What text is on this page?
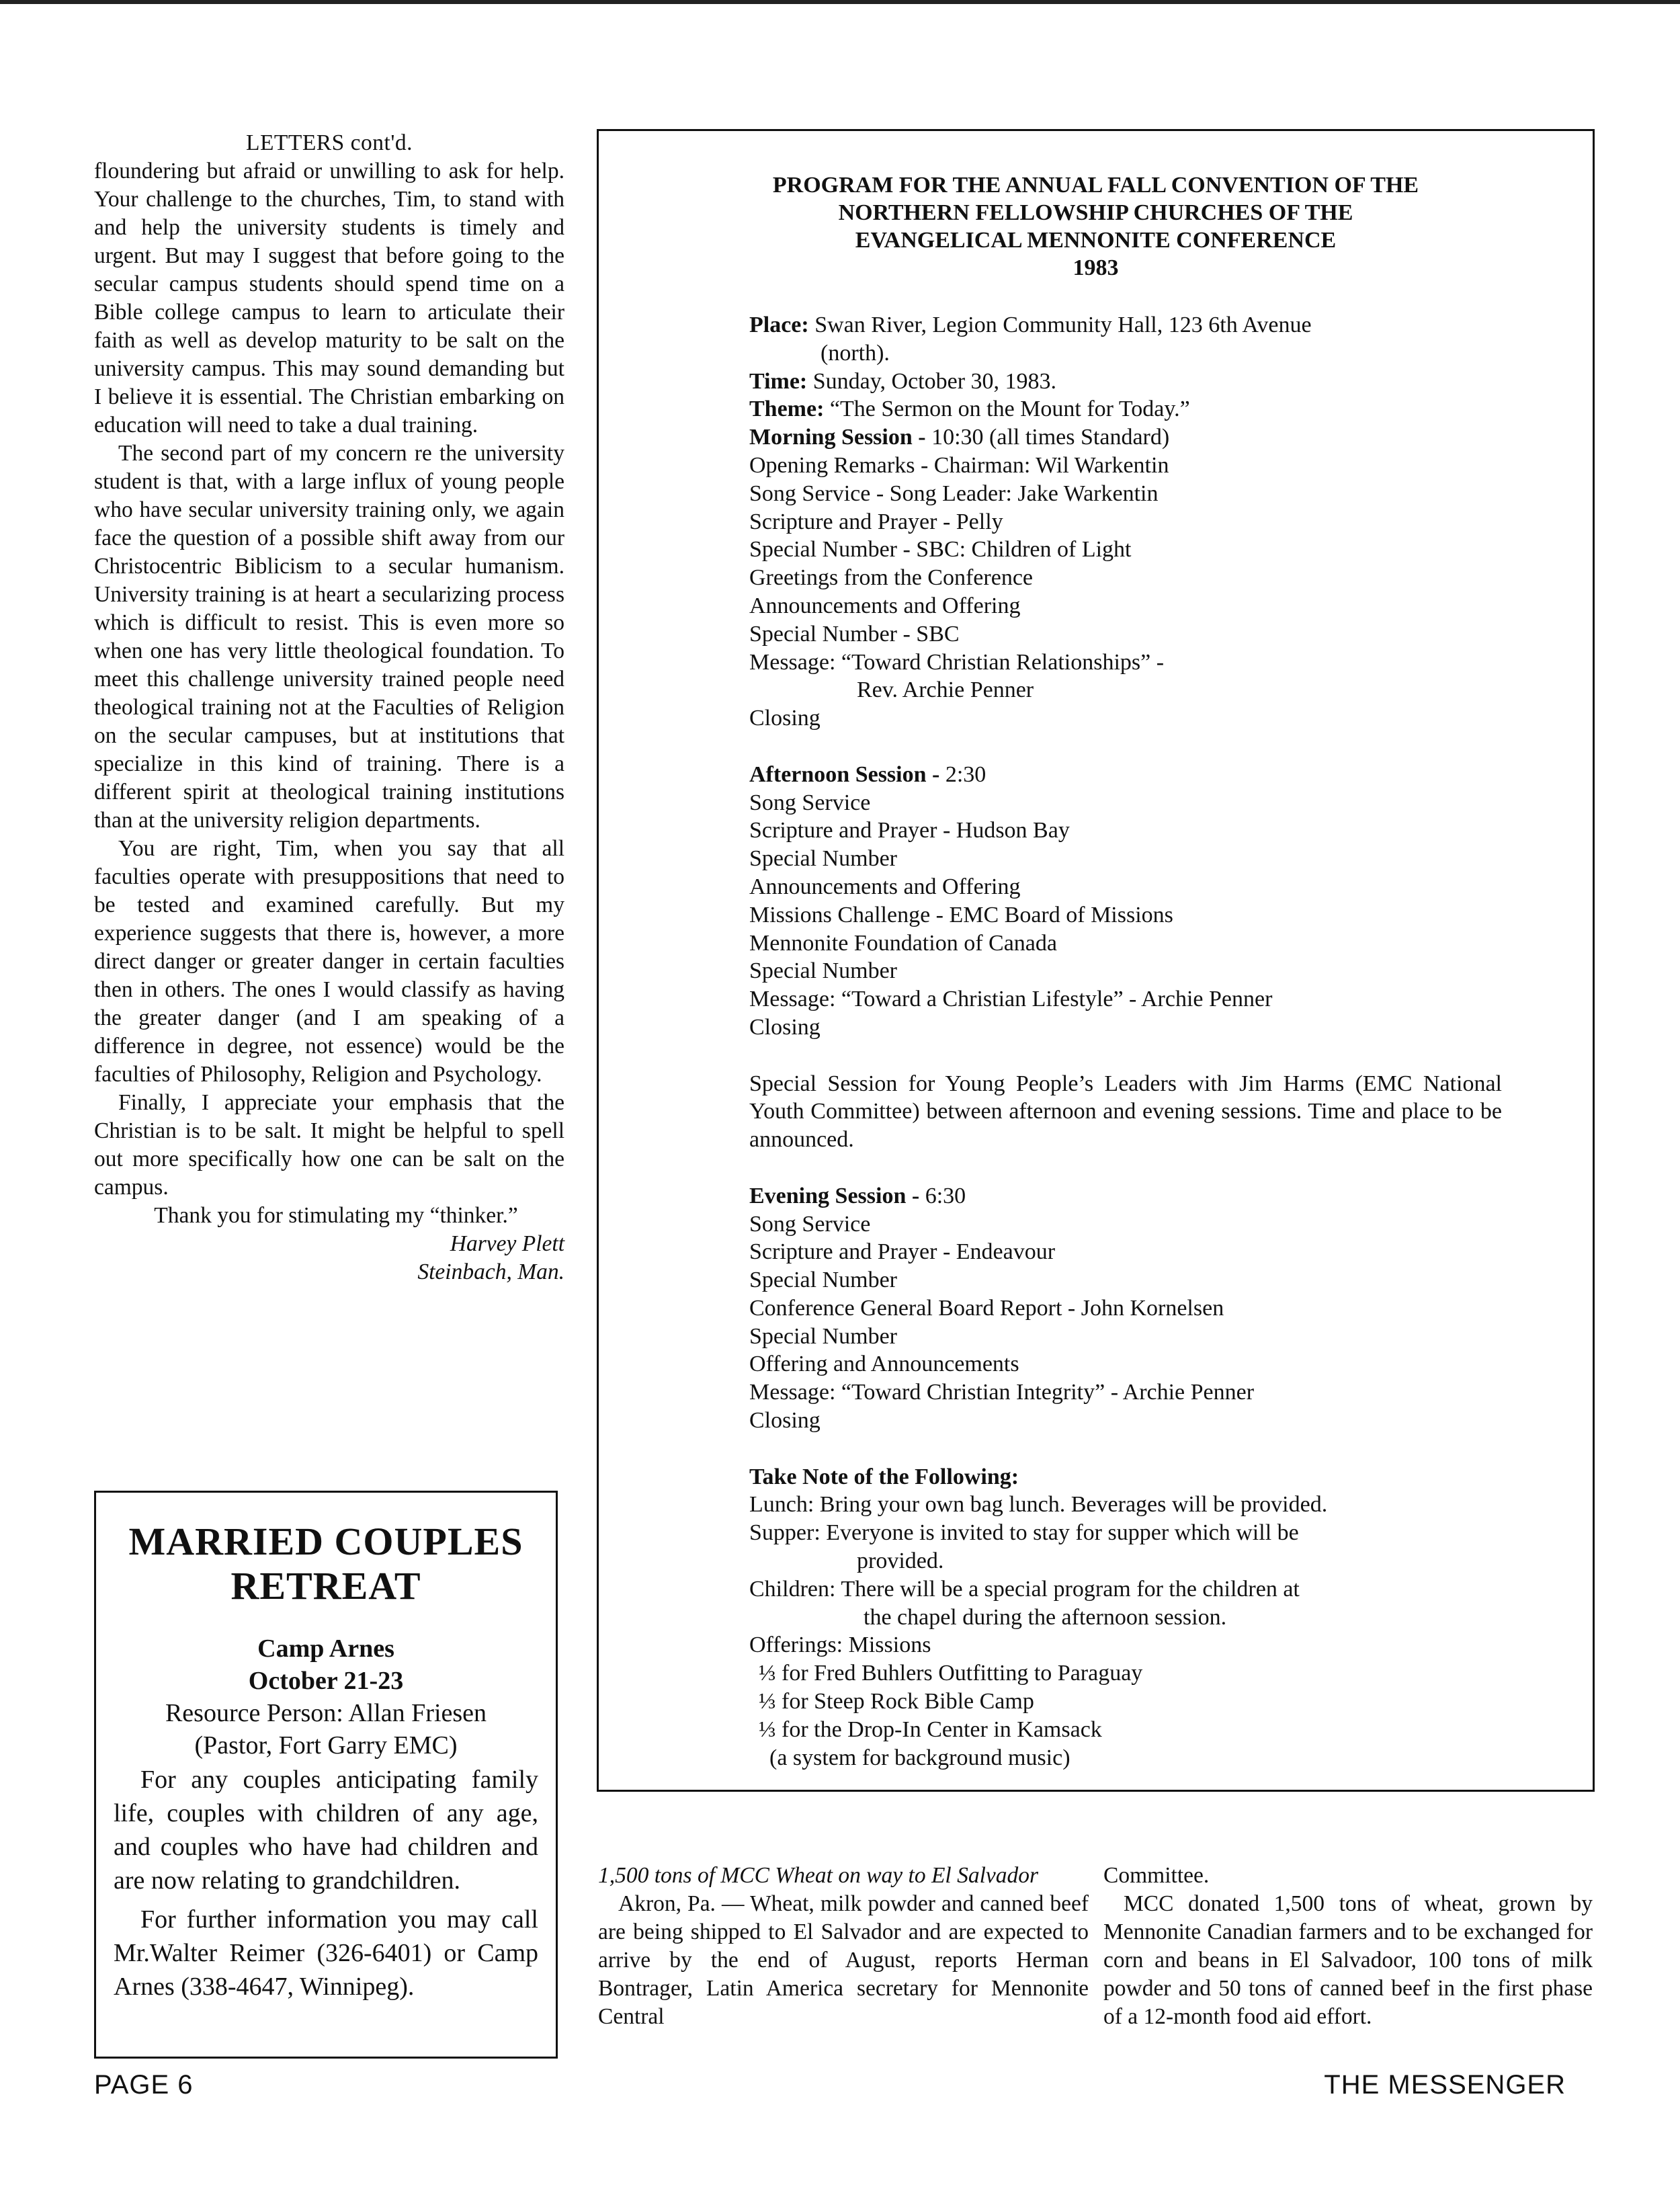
LETTERS cont'd.

floundering but afraid or unwilling to ask for help. Your challenge to the churches, Tim, to stand with and help the university students is timely and urgent. But may I suggest that before going to the secular campus students should spend time on a Bible college campus to learn to articulate their faith as well as develop maturity to be salt on the university campus. This may sound demanding but I believe it is essential. The Christian embarking on education will need to take a dual training.

The second part of my concern re the university student is that, with a large influx of young people who have secular university training only, we again face the question of a possible shift away from our Christocentric Biblicism to a secular humanism. University training is at heart a secularizing process which is difficult to resist. This is even more so when one has very little theological foundation. To meet this challenge university trained people need theological training not at the Faculties of Religion on the secular campuses, but at institutions that specialize in this kind of training. There is a different spirit at theological training institutions than at the university religion departments.

You are right, Tim, when you say that all faculties operate with presuppositions that need to be tested and examined carefully. But my experience suggests that there is, however, a more direct danger or greater danger in certain faculties then in others. The ones I would classify as having the greater danger (and I am speaking of a difference in degree, not essence) would be the faculties of Philosophy, Religion and Psychology.

Finally, I appreciate your emphasis that the Christian is to be salt. It might be helpful to spell out more specifically how one can be salt on the campus.

Thank you for stimulating my “thinker.”
Harvey Plett
Steinbach, Man.
MARRIED COUPLES
RETREAT
Camp Arnes
October 21-23
Resource Person: Allan Friesen
(Pastor, Fort Garry EMC)
For any couples anticipating family life, couples with children of any age, and couples who have had children and are now relating to grandchildren.
For further information you may call Mr.Walter Reimer (326-6401) or Camp Arnes (338-4647, Winnipeg).
PROGRAM FOR THE ANNUAL FALL CONVENTION OF THE
NORTHERN FELLOWSHIP CHURCHES OF THE
EVANGELICAL MENNONITE CONFERENCE
1983
Place: Swan River, Legion Community Hall, 123 6th Avenue
(north).
Time: Sunday, October 30, 1983.
Theme: “The Sermon on the Mount for Today.”
Morning Session - 10:30 (all times Standard)
Opening Remarks - Chairman: Wil Warkentin
Song Service - Song Leader: Jake Warkentin
Scripture and Prayer - Pelly
Special Number - SBC: Children of Light
Greetings from the Conference
Announcements and Offering
Special Number - SBC
Message: “Toward Christian Relationships” -
Rev. Archie Penner
Closing
Afternoon Session - 2:30
Song Service
Scripture and Prayer - Hudson Bay
Special Number
Announcements and Offering
Missions Challenge - EMC Board of Missions
Mennonite Foundation of Canada
Special Number
Message: “Toward a Christian Lifestyle” - Archie Penner
Closing
Special Session for Young People’s Leaders with Jim Harms (EMC National Youth Committee) between afternoon and evening sessions. Time and place to be announced.
Evening Session - 6:30
Song Service
Scripture and Prayer - Endeavour
Special Number
Conference General Board Report - John Kornelsen
Special Number
Offering and Announcements
Message: “Toward Christian Integrity” - Archie Penner
Closing
Take Note of the Following:
Lunch: Bring your own bag lunch. Beverages will be provided.
Supper: Everyone is invited to stay for supper which will be
provided.
Children: There will be a special program for the children at
the chapel during the afternoon session.
Offerings: Missions
⅓ for Fred Buhlers Outfitting to Paraguay
⅓ for Steep Rock Bible Camp
⅓ for the Drop-In Center in Kamsack
(a system for background music)

1,500 tons of MCC Wheat on way to El Salvador

Akron, Pa. — Wheat, milk powder and canned beef are being shipped to El Salvador and are expected to arrive by the end of August, reports Herman Bontrager, Latin America secretary for Mennonite Central

Committee.

MCC donated 1,500 tons of wheat, grown by Mennonite Canadian farmers and to be exchanged for corn and beans in El Salvadoor, 100 tons of milk powder and 50 tons of canned beef in the first phase of a 12-month food aid effort.

PAGE 6	THE MESSENGER
